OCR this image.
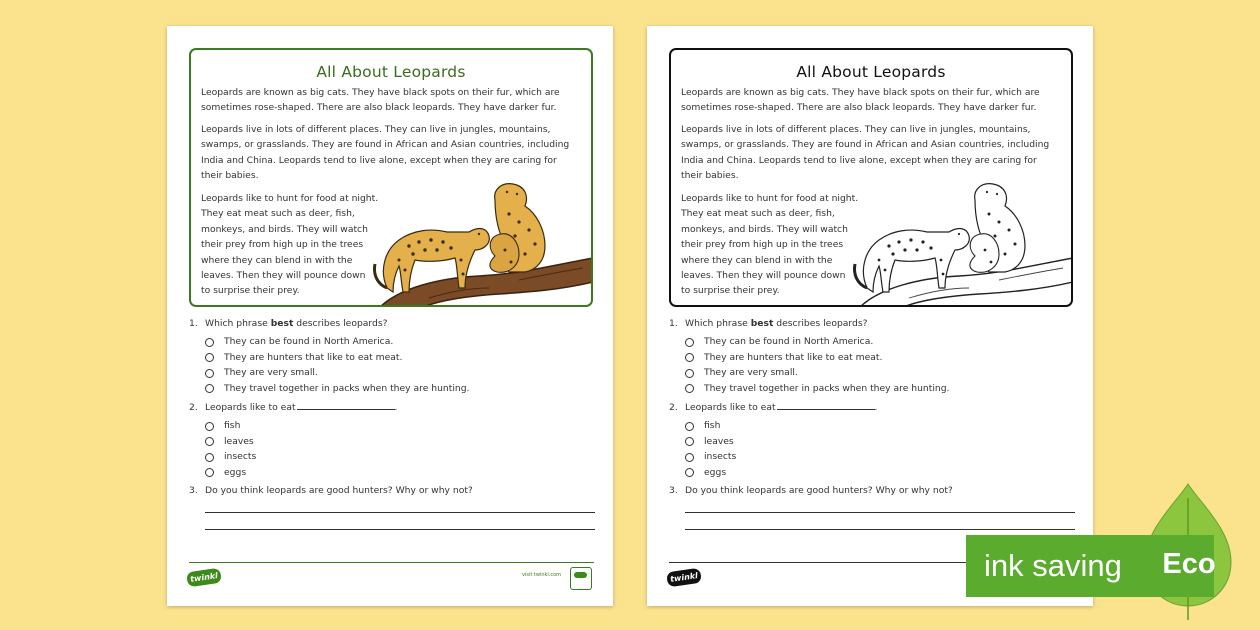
All About Leopards
Leopards are known as big cats. They have black spots on their fur, which are
sometimes rose-shaped. There are also black leopards. They have darker fur.
Leopards live in lots of different places. They can live in jungles, mountains,
swamps, or grasslands. They are found in African and Asian countries, including
India and China. Leopards tend to live alone, except when they are caring for
their babies.
Leopards like to hunt for food at night.
They eat meat such as deer, fish,
monkeys, and birds. They will watch
their prey from high up in the trees
where they can blend in with the
leaves. Then they will pounce down
to surprise their prey.
1. Which phrase best describes leopards?
They can be found in North America.
They are hunters that like to eat meat.
They are very small.
They travel together in packs when they are hunting.
2. Leopards like to eat	.
fish
leaves
insects
eggs
3. Do you think leopards are good hunters? Why or why not?
twinkl	visit twinkl.com
All About Leopards
Leopards are known as big cats. They have black spots on their fur, which are
sometimes rose-shaped. There are also black leopards. They have darker fur.
Leopards live in lots of different places. They can live in jungles, mountains,
swamps, or grasslands. They are found in African and Asian countries, including
India and China. Leopards tend to live alone, except when they are caring for
their babies.
Leopards like to hunt for food at night.
They eat meat such as deer, fish,
monkeys, and birds. They will watch
their prey from high up in the trees
where they can blend in with the
leaves. Then they will pounce down
to surprise their prey.
1. Which phrase best describes leopards?
They can be found in North America.
They are hunters that like to eat meat.
They are very small.
They travel together in packs when they are hunting.
2. Leopards like to eat	.
fish
leaves
insects
eggs
3. Do you think leopards are good hunters? Why or why not?
twinkl	ink saving	Eco
